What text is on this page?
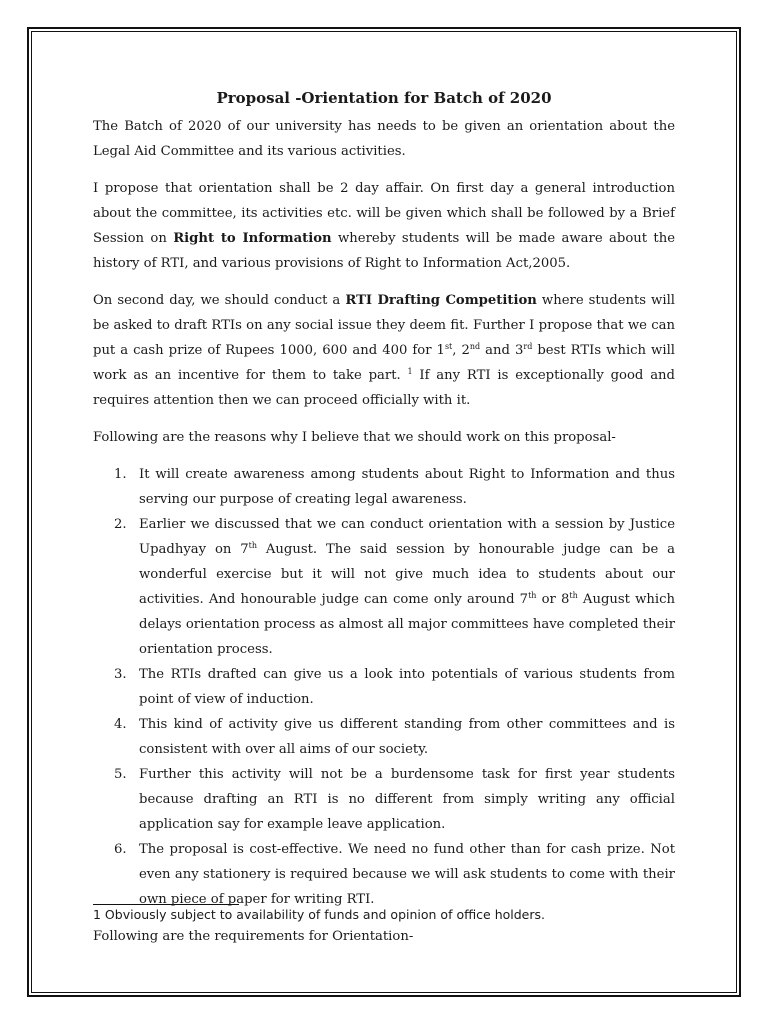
Proposal -Orientation for Batch of 2020

The Batch of 2020 of our university has needs to be given an orientation about the Legal Aid Committee and its various activities.

I propose that orientation shall be 2 day affair. On first day a general introduction about the committee, its activities etc. will be given which shall be followed by a Brief Session on Right to Information whereby students will be made aware about the history of RTI, and various provisions of Right to Information Act,2005.

On second day, we should conduct a RTI Drafting Competition where students will be asked to draft RTIs on any social issue they deem fit. Further I propose that we can put a cash prize of Rupees 1000, 600 and 400 for 1st, 2nd and 3rd best RTIs which will work as an incentive for them to take part. $^1$ If any RTI is exceptionally good and requires attention then we can proceed officially with it.

Following are the reasons why I believe that we should work on this proposal-

1. It will create awareness among students about Right to Information and thus serving our purpose of creating legal awareness.
2. Earlier we discussed that we can conduct orientation with a session by Justice Upadhyay on 7th August. The said session by honourable judge can be a wonderful exercise but it will not give much idea to students about our activities. And honourable judge can come only around 7th or 8th August which delays orientation process as almost all major committees have completed their orientation process.
3. The RTIs drafted can give us a look into potentials of various students from point of view of induction.
4. This kind of activity give us different standing from other committees and is consistent with over all aims of our society.
5. Further this activity will not be a burdensome task for first year students because drafting an RTI is no different from simply writing any official application say for example leave application.
6. The proposal is cost-effective. We need no fund other than for cash prize. Not even any stationery is required because we will ask students to come with their own piece of paper for writing RTI.

Following are the requirements for Orientation-

1 Obviously subject to availability of funds and opinion of office holders.
